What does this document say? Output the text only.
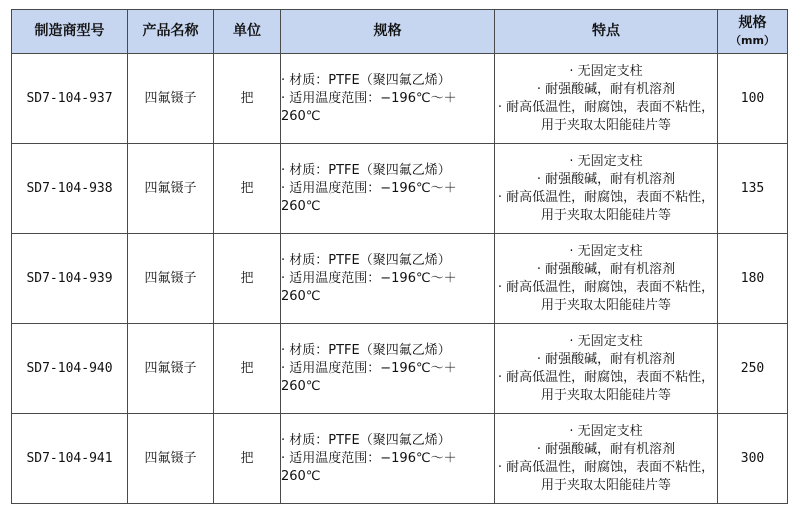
制造商型号	产品名称	单位	规格	特点	规格
（mm）

SD7-104-937	四氟镊子	把	· 材质：PTFE（聚四氟乙烯）
· 适用温度范围：−196℃～＋260℃	· 无固定支柱
· 耐强酸碱，耐有机溶剂
· 耐高低温性，耐腐蚀，表面不粘性，用于夹取太阳能硅片等	100
SD7-104-938	四氟镊子	把	· 材质：PTFE（聚四氟乙烯）
· 适用温度范围：−196℃～＋260℃	· 无固定支柱
· 耐强酸碱，耐有机溶剂
· 耐高低温性，耐腐蚀，表面不粘性，用于夹取太阳能硅片等	135
SD7-104-939	四氟镊子	把	· 材质：PTFE（聚四氟乙烯）
· 适用温度范围：−196℃～＋260℃	· 无固定支柱
· 耐强酸碱，耐有机溶剂
· 耐高低温性，耐腐蚀，表面不粘性，用于夹取太阳能硅片等	180
SD7-104-940	四氟镊子	把	· 材质：PTFE（聚四氟乙烯）
· 适用温度范围：−196℃～＋260℃	· 无固定支柱
· 耐强酸碱，耐有机溶剂
· 耐高低温性，耐腐蚀，表面不粘性，用于夹取太阳能硅片等	250
SD7-104-941	四氟镊子	把	· 材质：PTFE（聚四氟乙烯）
· 适用温度范围：−196℃～＋260℃	· 无固定支柱
· 耐强酸碱，耐有机溶剂
· 耐高低温性，耐腐蚀，表面不粘性，用于夹取太阳能硅片等	300
